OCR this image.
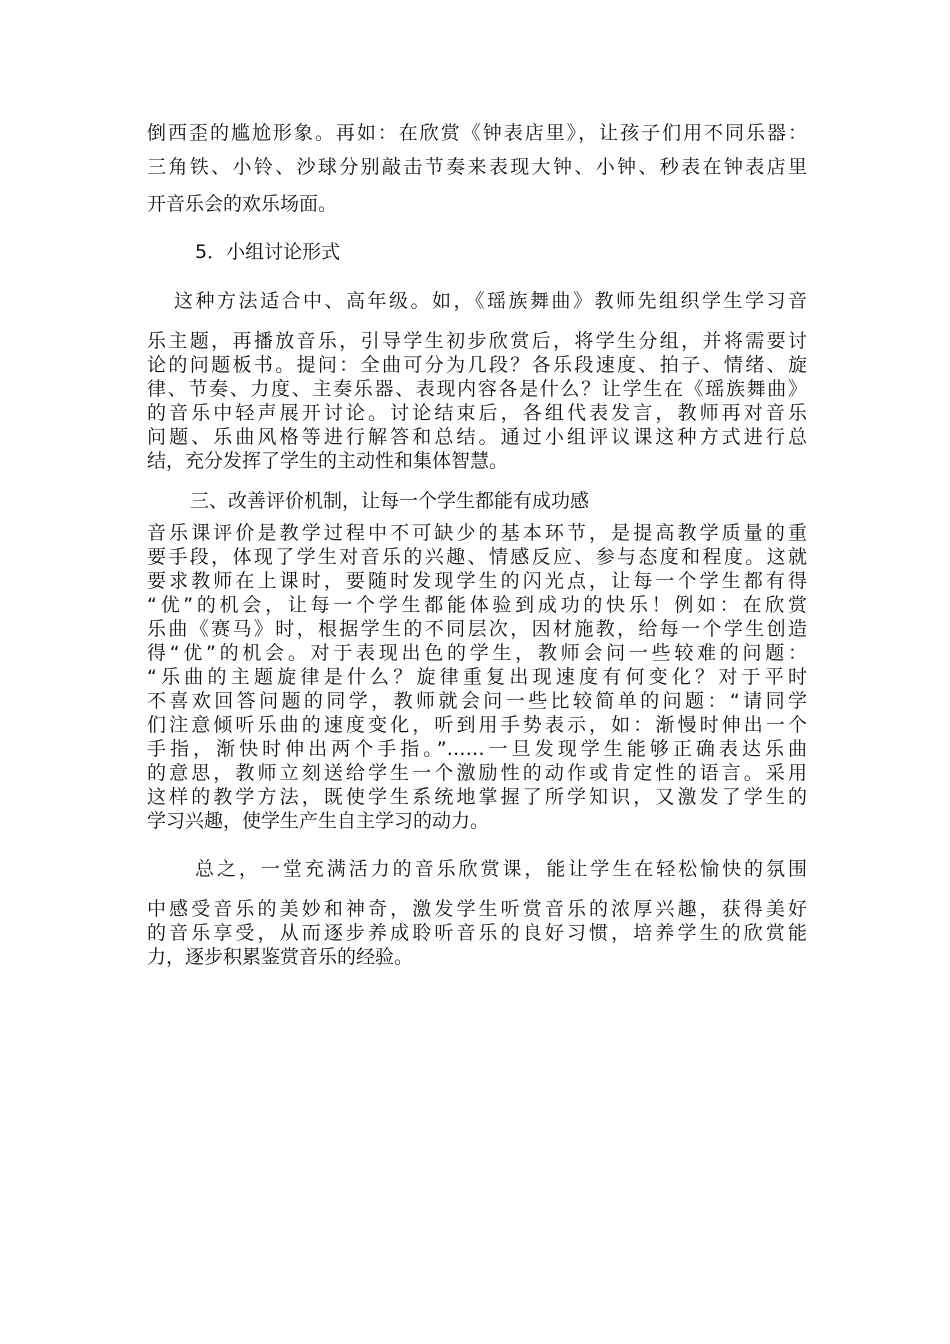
倒西歪的尴尬形象。再如：在欣赏《钟表店里》，让孩子们用不同乐器：
三角铁、小铃、沙球分别敲击节奏来表现大钟、小钟、秒表在钟表店里
开音乐会的欢乐场面。
5．小组讨论形式
这种方法适合中、高年级。如，《瑶族舞曲》教师先组织学生学习音
乐主题，再播放音乐，引导学生初步欣赏后，将学生分组，并将需要讨
论的问题板书。提问：全曲可分为几段？各乐段速度、拍子、情绪、旋
律、节奏、力度、主奏乐器、表现内容各是什么？让学生在《瑶族舞曲》
的音乐中轻声展开讨论。讨论结束后，各组代表发言，教师再对音乐
问题、乐曲风格等进行解答和总结。通过小组评议课这种方式进行总
结，充分发挥了学生的主动性和集体智慧。
三、改善评价机制，让每一个学生都能有成功感
音乐课评价是教学过程中不可缺少的基本环节，是提高教学质量的重
要手段，体现了学生对音乐的兴趣、情感反应、参与态度和程度。这就
要求教师在上课时，要随时发现学生的闪光点，让每一个学生都有得
“优”的机会，让每一个学生都能体验到成功的快乐！例如：在欣赏
乐曲《赛马》时，根据学生的不同层次，因材施教，给每一个学生创造
得“优”的机会。对于表现出色的学生，教师会问一些较难的问题：
“乐曲的主题旋律是什么？旋律重复出现速度有何变化？对于平时
不喜欢回答问题的同学，教师就会问一些比较简单的问题：“请同学
们注意倾听乐曲的速度变化，听到用手势表示，如：渐慢时伸出一个
手指，渐快时伸出两个手指。”……一旦发现学生能够正确表达乐曲
的意思，教师立刻送给学生一个激励性的动作或肯定性的语言。采用
这样的教学方法，既使学生系统地掌握了所学知识，又激发了学生的
学习兴趣，使学生产生自主学习的动力。
总之，一堂充满活力的音乐欣赏课，能让学生在轻松愉快的氛围
中感受音乐的美妙和神奇，激发学生听赏音乐的浓厚兴趣，获得美好
的音乐享受，从而逐步养成聆听音乐的良好习惯，培养学生的欣赏能
力，逐步积累鉴赏音乐的经验。
